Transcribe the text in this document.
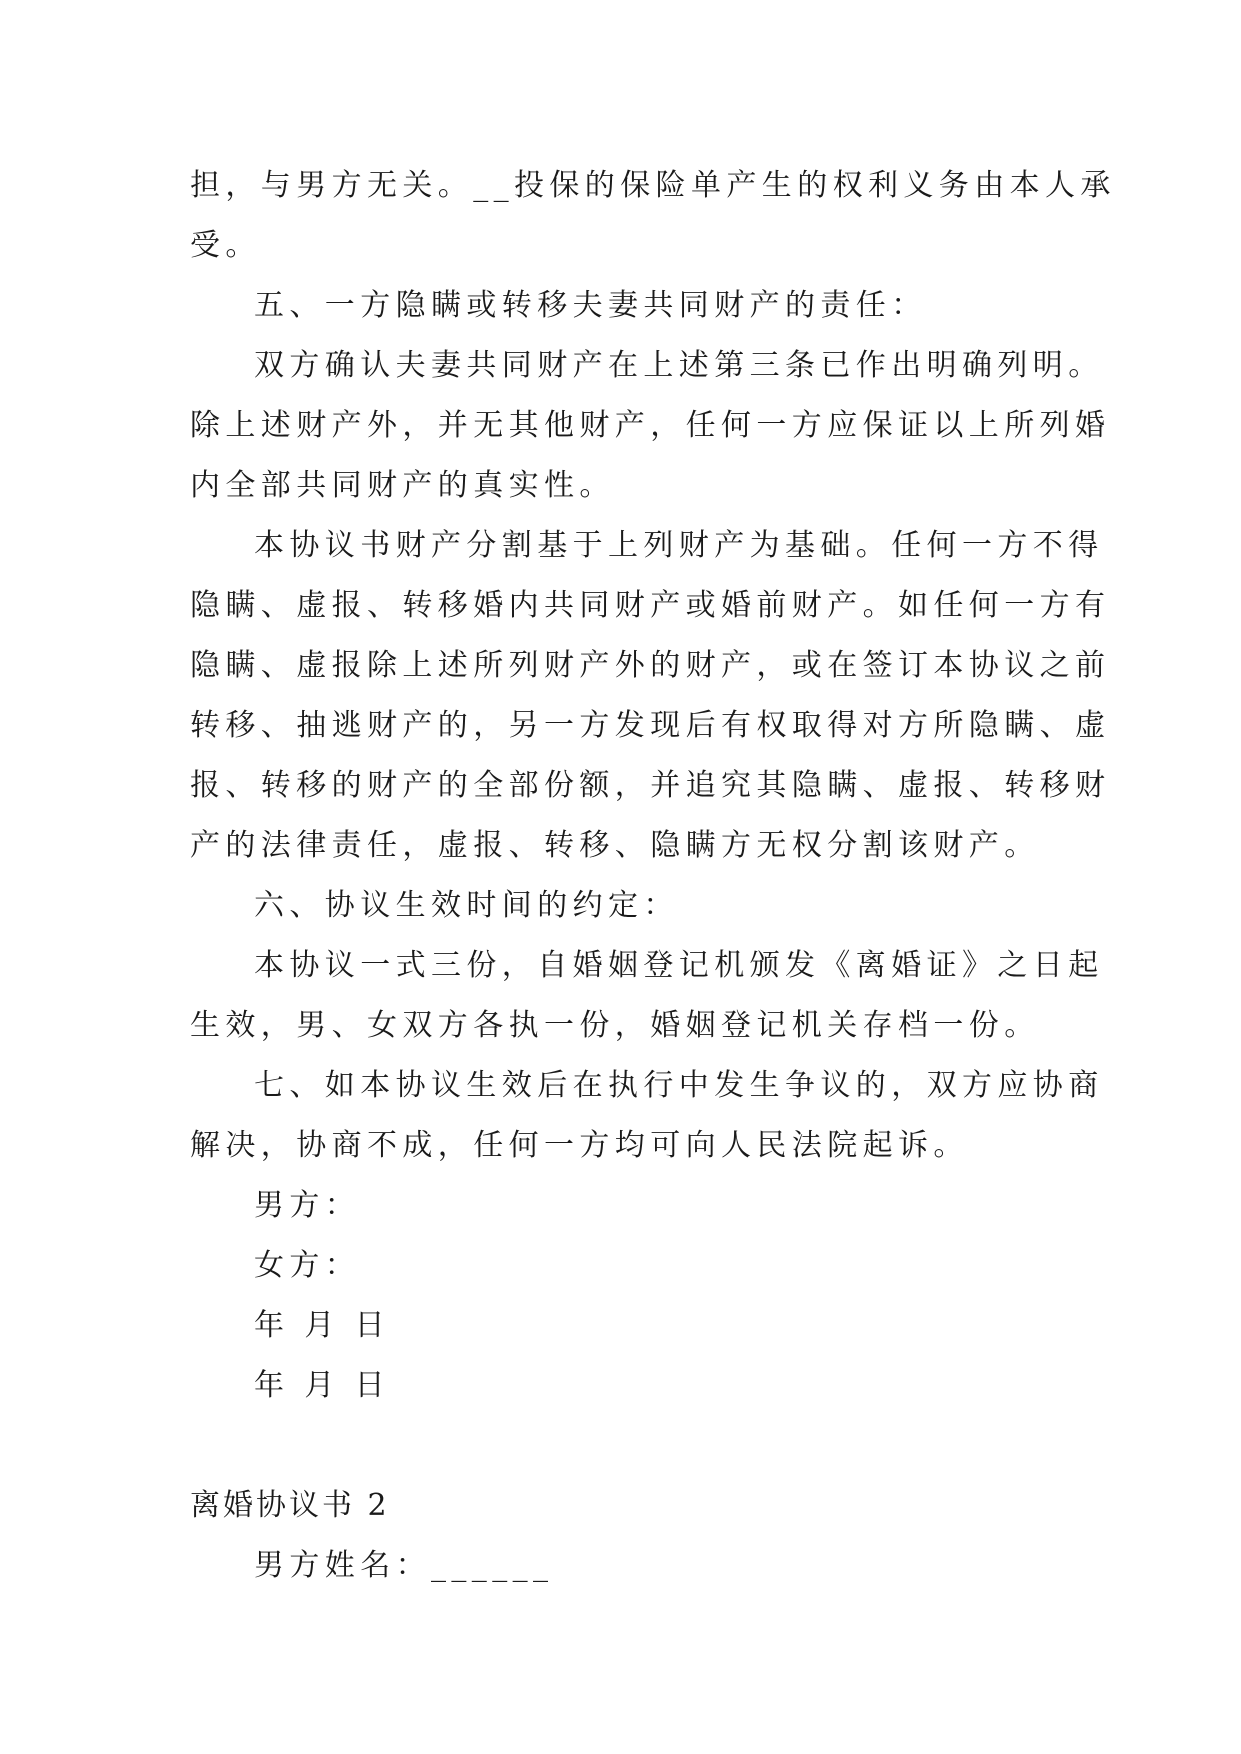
担，与男方无关。__投保的保险单产生的权利义务由本人承
受。
五、一方隐瞒或转移夫妻共同财产的责任：
双方确认夫妻共同财产在上述第三条已作出明确列明。
除上述财产外，并无其他财产，任何一方应保证以上所列婚
内全部共同财产的真实性。
本协议书财产分割基于上列财产为基础。任何一方不得
隐瞒、虚报、转移婚内共同财产或婚前财产。如任何一方有
隐瞒、虚报除上述所列财产外的财产，或在签订本协议之前
转移、抽逃财产的，另一方发现后有权取得对方所隐瞒、虚
报、转移的财产的全部份额，并追究其隐瞒、虚报、转移财
产的法律责任，虚报、转移、隐瞒方无权分割该财产。
六、协议生效时间的约定：
本协议一式三份，自婚姻登记机颁发《离婚证》之日起
生效，男、女双方各执一份，婚姻登记机关存档一份。
七、如本协议生效后在执行中发生争议的，双方应协商
解决，协商不成，任何一方均可向人民法院起诉。
男方：
女方：
年 月 日
年 月 日
离婚协议书 2
男方姓名：______
